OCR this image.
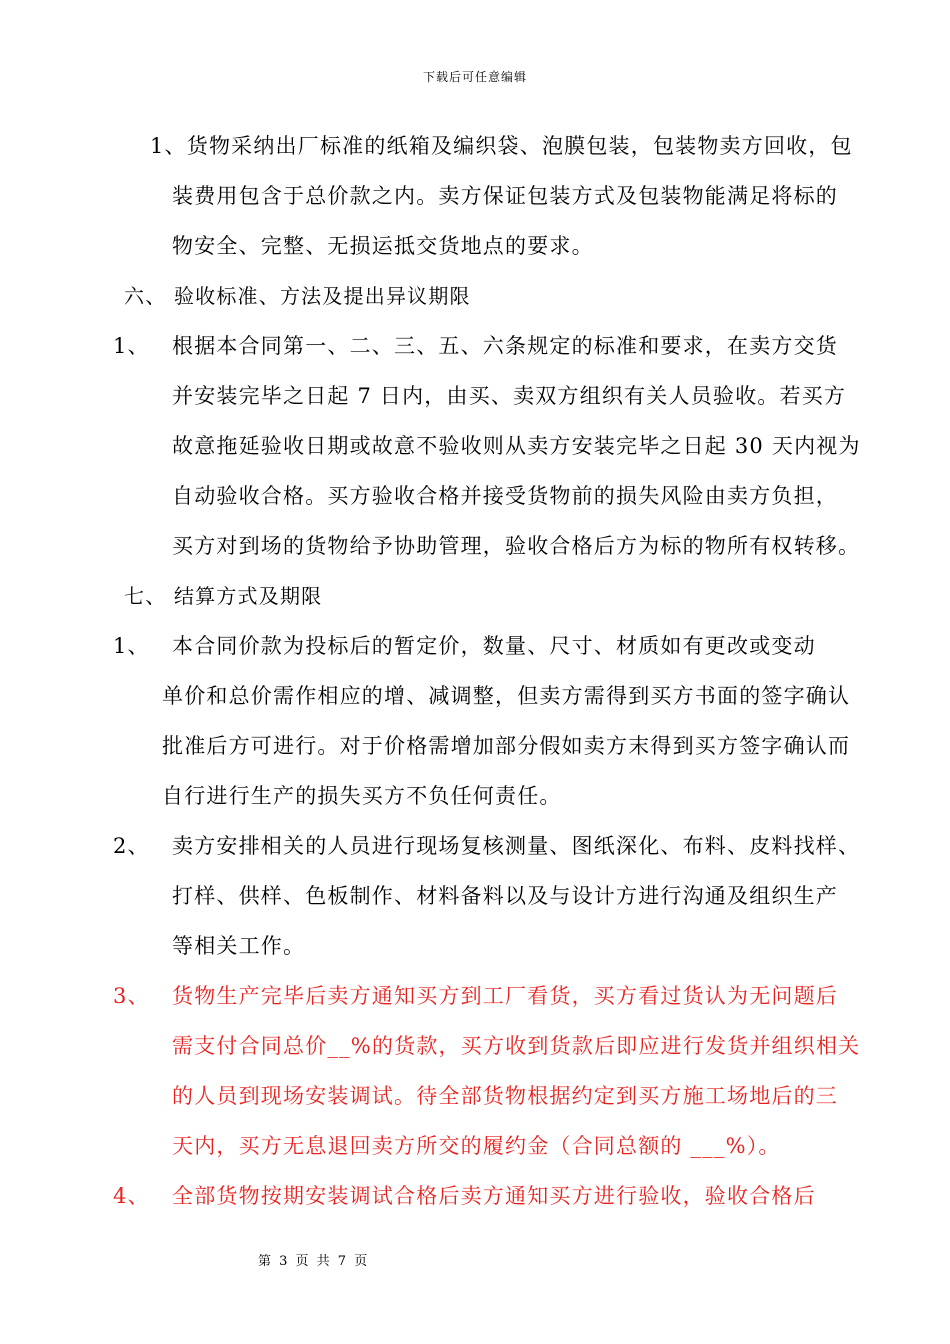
下载后可任意编辑
1、货物采纳出厂标准的纸箱及编织袋、泡膜包装，包装物卖方回收，包
装费用包含于总价款之内。卖方保证包装方式及包装物能满足将标的
物安全、完整、无损运抵交货地点的要求。
六、 验收标准、方法及提出异议期限
1、 根据本合同第一、二、三、五、六条规定的标准和要求，在卖方交货
并安装完毕之日起 7 日内，由买、卖双方组织有关人员验收。若买方
故意拖延验收日期或故意不验收则从卖方安装完毕之日起 30 天内视为
自动验收合格。买方验收合格并接受货物前的损失风险由卖方负担，
买方对到场的货物给予协助管理，验收合格后方为标的物所有权转移。
七、 结算方式及期限
1、 本合同价款为投标后的暂定价，数量、尺寸、材质如有更改或变动
单价和总价需作相应的增、减调整，但卖方需得到买方书面的签字确认
批准后方可进行。对于价格需增加部分假如卖方末得到买方签字确认而
自行进行生产的损失买方不负任何责任。
2、 卖方安排相关的人员进行现场复核测量、图纸深化、布料、皮料找样、
打样、供样、色板制作、材料备料以及与设计方进行沟通及组织生产
等相关工作。
3、 货物生产完毕后卖方通知买方到工厂看货，买方看过货认为无问题后
需支付合同总价__%的货款，买方收到货款后即应进行发货并组织相关
的人员到现场安装调试。待全部货物根据约定到买方施工场地后的三
天内，买方无息退回卖方所交的履约金（合同总额的 ___%）。
4、 全部货物按期安装调试合格后卖方通知买方进行验收，验收合格后
第 3 页 共 7 页
